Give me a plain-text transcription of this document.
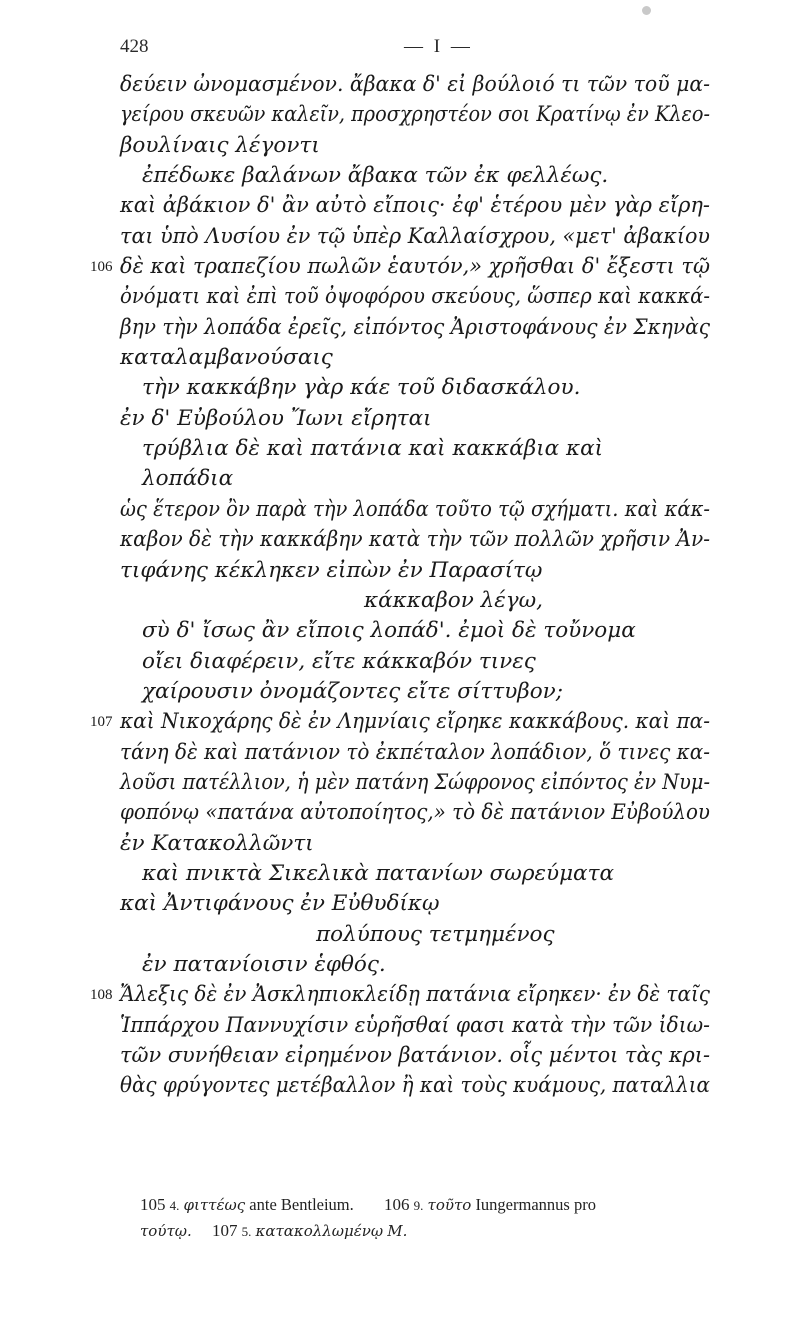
428	— I —
δεύειν ὠνομασμένον. ἄβακα δ' εἰ βούλοιό τι τῶν τοῦ μα-
γείρου σκευῶν καλεῖν, προσχρηστέον σοι Κρατίνῳ ἐν Κλεο-
βουλίναις λέγοντι
ἐπέδωκε βαλάνων ἄβακα τῶν ἐκ φελλέως.
καὶ ἀβάκιον δ' ἂν αὐτὸ εἴποις· ἐφ' ἑτέρου μὲν γὰρ εἴρη-
ται ὑπὸ Λυσίου ἐν τῷ ὑπὲρ Καλλαίσχρου, «μετ' ἀβακίου
106 δὲ καὶ τραπεζίου πωλῶν ἑαυτόν,» χρῆσθαι δ' ἔξεστι τῷ
ὀνόματι καὶ ἐπὶ τοῦ ὀψοφόρου σκεύους, ὥσπερ καὶ κακκά-
βην τὴν λοπάδα ἐρεῖς, εἰπόντος Ἀριστοφάνους ἐν Σκηνὰς
καταλαμβανούσαις
τὴν κακκάβην γὰρ κάε τοῦ διδασκάλου.
ἐν δ' Εὐβούλου Ἴωνι εἴρηται
τρύβλια δὲ καὶ πατάνια καὶ κακκάβια καὶ
λοπάδια
ὡς ἕτερον ὂν παρὰ τὴν λοπάδα τοῦτο τῷ σχήματι. καὶ κάκ-
καβον δὲ τὴν κακκάβην κατὰ τὴν τῶν πολλῶν χρῆσιν Ἀν-
τιφάνης κέκληκεν εἰπὼν ἐν Παρασίτῳ
κάκκαβον λέγω,
σὺ δ' ἴσως ἂν εἴποις λοπάδ'. ἐμοὶ δὲ τοὔνομα
οἴει διαφέρειν, εἴτε κάκκαβόν τινες
χαίρουσιν ὀνομάζοντες εἴτε σίττυβον;
107 καὶ Νικοχάρης δὲ ἐν Λημνίαις εἴρηκε κακκάβους. καὶ πα-
τάνη δὲ καὶ πατάνιον τὸ ἐκπέταλον λοπάδιον, ὅ τινες κα-
λοῦσι πατέλλιον, ἡ μὲν πατάνη Σώφρονος εἰπόντος ἐν Νυμ-
φοπόνῳ «πατάνα αὐτοποίητος,» τὸ δὲ πατάνιον Εὐβούλου
ἐν Κατακολλῶντι
καὶ πνικτὰ Σικελικὰ πατανίων σωρεύματα
καὶ Ἀντιφάνους ἐν Εὐθυδίκῳ
πολύπους τετμημένος
ἐν πατανίοισιν ἑφθός.
108 Ἄλεξις δὲ ἐν Ἀσκληπιοκλείδῃ πατάνια εἴρηκεν· ἐν δὲ ταῖς
Ἱππάρχου Παννυχίσιν εὑρῆσθαί φασι κατὰ τὴν τῶν ἰδιω-
τῶν συνήθειαν εἰρημένον βατάνιον. οἷς μέντοι τὰς κρι-
θὰς φρύγοντες μετέβαλλον ἢ καὶ τοὺς κυάμους, παταλλια
105 4. φιττέως ante Bentleium. 106 9. τοῦτο Iungermannus pro
τούτῳ. 107 5. κατακολλωμένῳ M.
